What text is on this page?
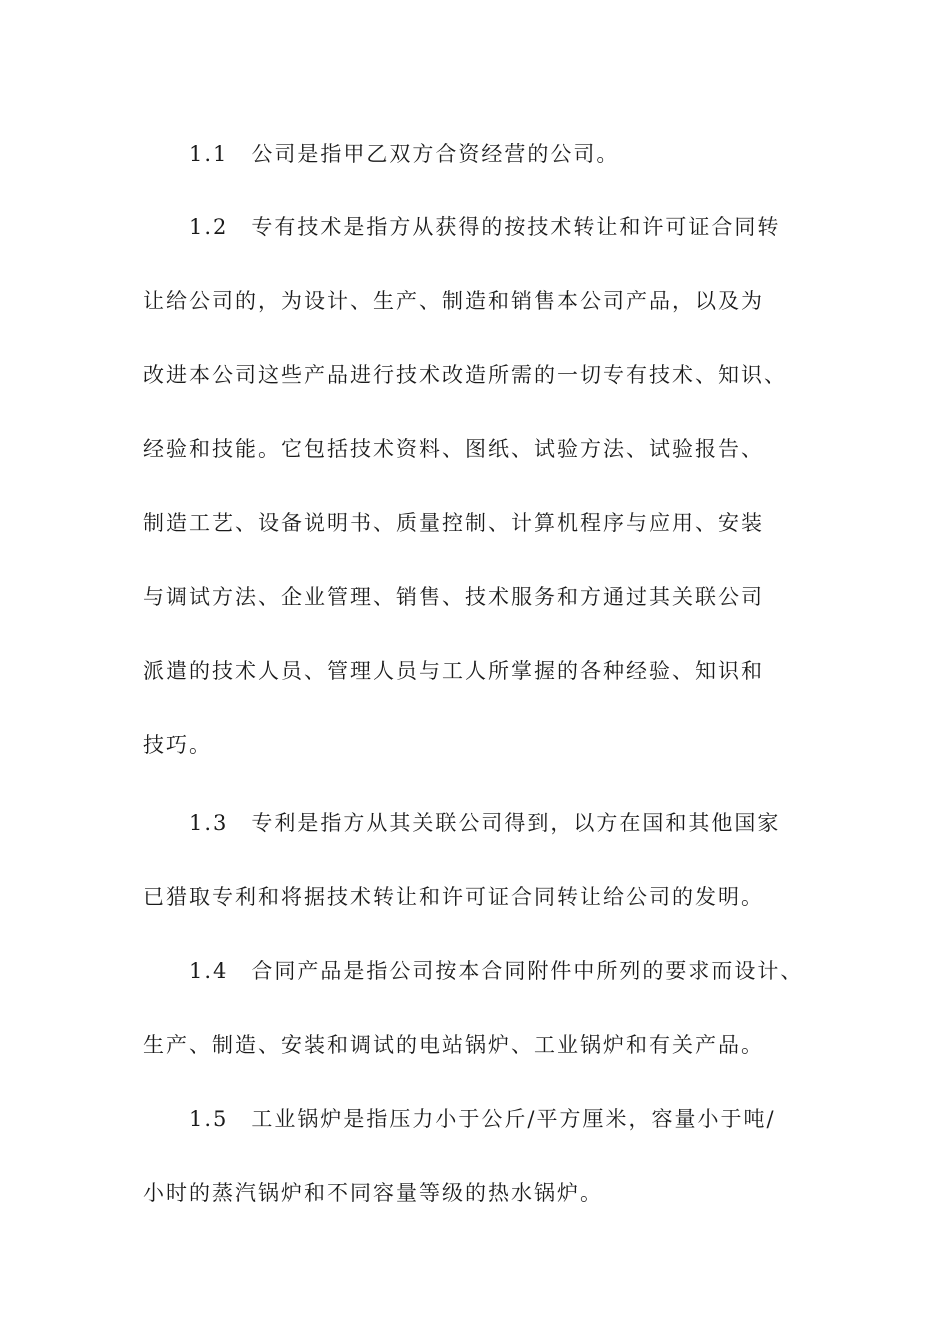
1.1　公司是指甲乙双方合资经营的公司。
1.2　专有技术是指方从获得的按技术转让和许可证合同转
让给公司的，为设计、生产、制造和销售本公司产品，以及为
改进本公司这些产品进行技术改造所需的一切专有技术、知识、
经验和技能。它包括技术资料、图纸、试验方法、试验报告、
制造工艺、设备说明书、质量控制、计算机程序与应用、安装
与调试方法、企业管理、销售、技术服务和方通过其关联公司
派遣的技术人员、管理人员与工人所掌握的各种经验、知识和
技巧。
1.3　专利是指方从其关联公司得到，以方在国和其他国家
已猎取专利和将据技术转让和许可证合同转让给公司的发明。
1.4　合同产品是指公司按本合同附件中所列的要求而设计、
生产、制造、安装和调试的电站锅炉、工业锅炉和有关产品。
1.5　工业锅炉是指压力小于公斤/平方厘米，容量小于吨/
小时的蒸汽锅炉和不同容量等级的热水锅炉。
